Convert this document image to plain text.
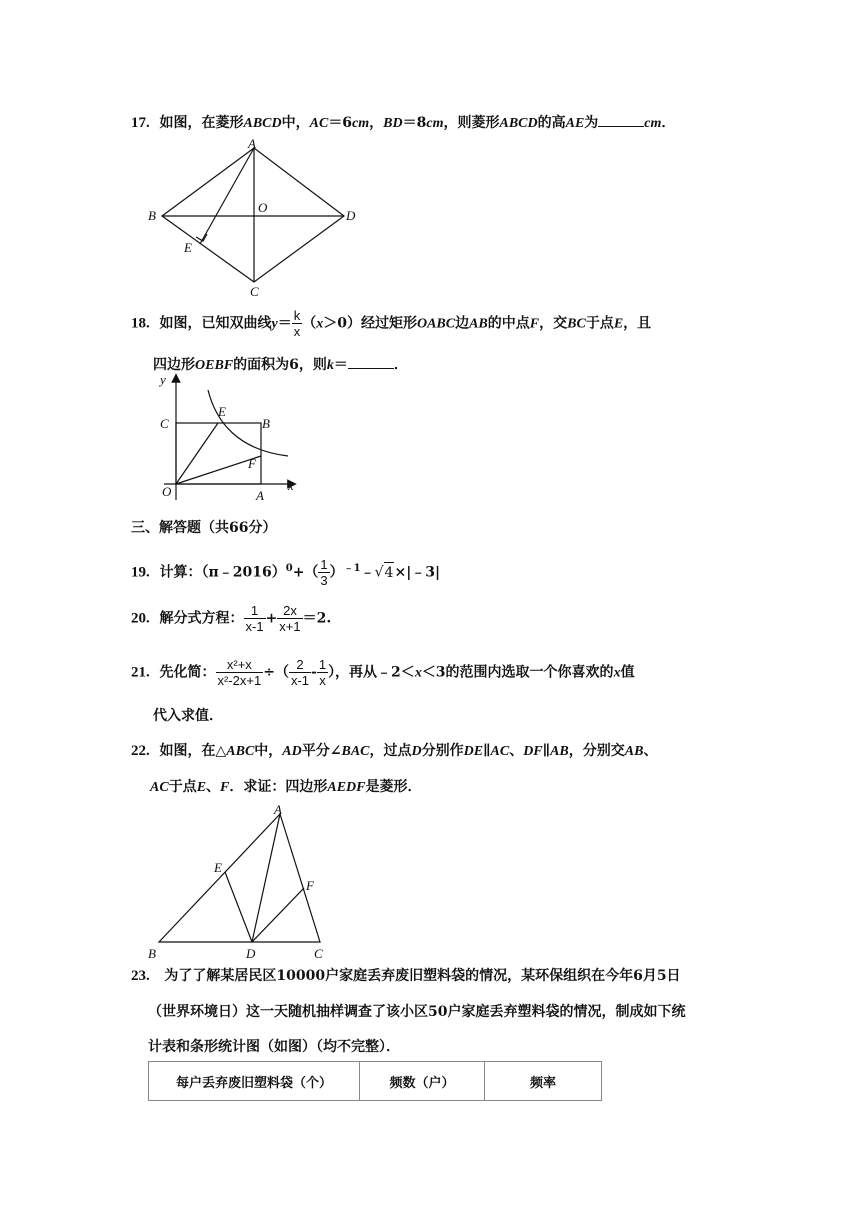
17. 如图，在菱形ABCD中，AC＝6cm，BD＝8cm，则菱形ABCD的高AE为	cm．
A
B
C
D
O
E
18. 如图，已知双曲线$y= \frac{k}{x} (x>0)$经过矩形OABC边AB的中点F，交BC于点E，且
四边形OEBF的面积为6，则k＝	．
y
x
C
E
B
F
O	A
三、解答题（共66分）
19. 计算：（π﹣2016）$^0$+（ $\frac{1}{3}$ ）$^{﹣1}$﹣√4×|﹣3|
20. 解分式方程： $\frac{1}{x-1} + \frac{2x}{x+1} =2$.
21. 先化简： $\frac{\text{x²+x}}{\text{x²-2x+1}}$ ÷（ $\frac{2}{x-1} - \frac{1}{x}$ ），再从﹣2＜x＜3的范围内选取一个你喜欢的x值
代入求值．
22. 如图，在△ABC中，AD平分∠BAC，过点D分别作DE∥AC、DF∥AB，分别交AB、
AC于点E、F．求证：四边形AEDF是菱形．
A
E
F
B	D	C
23. 为了了解某居民区10000户家庭丢弃废旧塑料袋的情况，某环保组织在今年6月5日
（世界环境日）这一天随机抽样调查了该小区50户家庭丢弃塑料袋的情况，制成如下统
计表和条形统计图（如图）（均不完整）．
每户丢弃废旧塑料袋（个）	频数（户）	频率
